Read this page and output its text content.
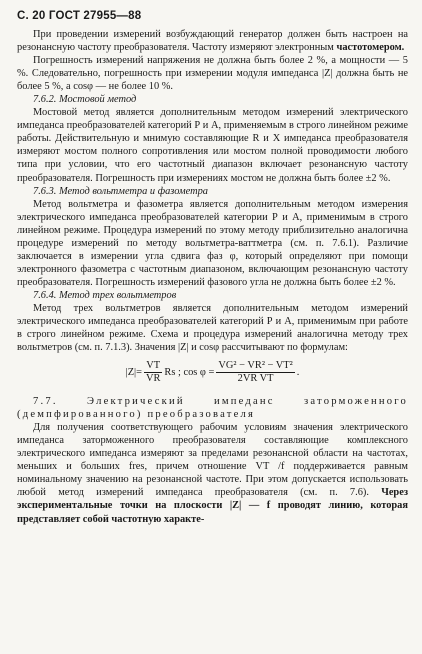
С. 20 ГОСТ 27955—88

При проведении измерений возбуждающий генератор должен быть настроен на резонансную частоту преобразователя. Частоту измеряют электронным частотомером.

Погрешность измерений напряжения не должна быть более 2 %, а мощности — 5 %. Следовательно, погрешность при измерении модуля импеданса |Z| должна быть не более 5 %, а cosφ — не более 10 %.

7.6.2. Мостовой метод

Мостовой метод является дополнительным методом измерений электрического импеданса преобразователей категорий Р и А, применяемым в строго линейном режиме работы. Действительную и мнимую составляющие R и X импеданса преобразователя измеряют мостом полного сопротивления или мостом полной проводимости любого типа при условии, что его частотный диапазон включает резонансную частоту преобразователя. Погрешность при измерениях мостом не должна быть более ±2 %.

7.6.3. Метод вольтметра и фазометра

Метод вольтметра и фазометра является дополнительным методом измерения электрического импеданса преобразователей категории Р и А, применимым в строго линейном режиме. Процедура измерений по этому методу приблизительно аналогична процедуре измерений по методу вольтметра-ваттметра (см. п. 7.6.1). Различие заключается в измерении угла сдвига фаз φ, который определяют при помощи электронного фазометра с частотным диапазоном, включающим резонансную частоту преобразователя. Погрешность измерений фазового угла не должна быть более ±2 %.

7.6.4. Метод трех вольтметров

Метод трех вольтметров является дополнительным методом измерений электрического импеданса преобразователей категорий Р и А, применимым при работе в строго линейном режиме. Схема и процедура измерений аналогична методу трех вольтметров (см. п. 7.1.3). Значения |Z| и cosφ рассчитывают по формулам:

$|Z|= \frac{VT}{VR}$ Rs ; $\cos \varphi = \frac{\text{VG² − VR² − VT²}}{\text{2VR VT}}$ .

7.7. Электрический импеданс заторможенного (демпфированного) преобразователя

Для получения соответствующего рабочим условиям значения электрического импеданса заторможенного преобразователя составляющие комплексного электрического импеданса измеряют за пределами резонансной области на частотах, меньших и больших fres, причем отношение VT /f поддерживается равным номинальному значению на резонансной частоте. При этом допускается использовать любой метод измерений импеданса преобразователя (см. п. 7.6). Через экспериментальные точки на плоскости |Z| — f проводят линию, которая представляет собой частотную характе-
